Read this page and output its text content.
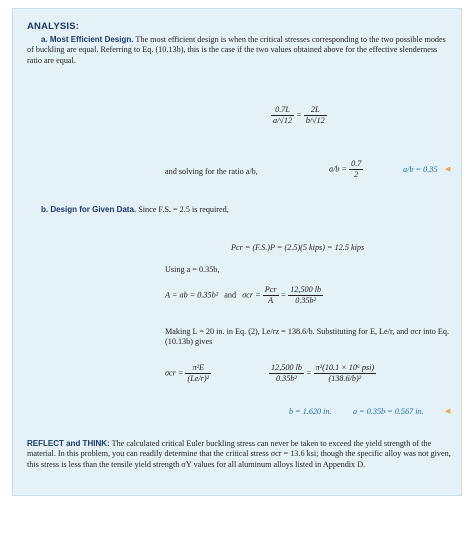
ANALYSIS:
a. Most Efficient Design. The most efficient design is when the critical stresses corresponding to the two possible modes of buckling are equal. Referring to Eq. (10.13b), this is the case if the two values obtained above for the effective slenderness ratio are equal.
$\frac{0.7L}{a/√12} = \frac{2L}{b/√12}$
and solving for the ratio a/b,	$a/b = \frac{0.7}{2}$	a/b = 0.35 ◀
b. Design for Given Data. Since F.S. = 2.5 is required,
Pcr = (F.S.)P = (2.5)(5 kips) = 12.5 kips
Using a = 0.35b,
A = ab = 0.35b² and $\sigma cr = \frac{\text{Pcr}}{A} = \frac{12,500 lb}{\text{0.35b²}}$
Making L = 20 in. in Eq. (2), Le/rz = 138.6/b. Substituting for E, Le/r, and σcr into Eq. (10.13b) gives
$\sigma cr = \frac{\text{π²E}}{\text{(Le/r)²}}$	$\frac{12,500 lb}{\text{0.35b²}} = \frac{\text{π²(10.1 × 10⁶ psi)}}{\text{(138.6/b)²}}$
b = 1.620 in.	a = 0.35b = 0.567 in.	◀
REFLECT and THINK: The calculated critical Euler buckling stress can never be taken to exceed the yield strength of the material. In this problem, you can readily determine that the critical stress σcr = 13.6 ksi; though the specific alloy was not given, this stress is less than the tensile yield strength σY values for all aluminum alloys listed in Appendix D.
